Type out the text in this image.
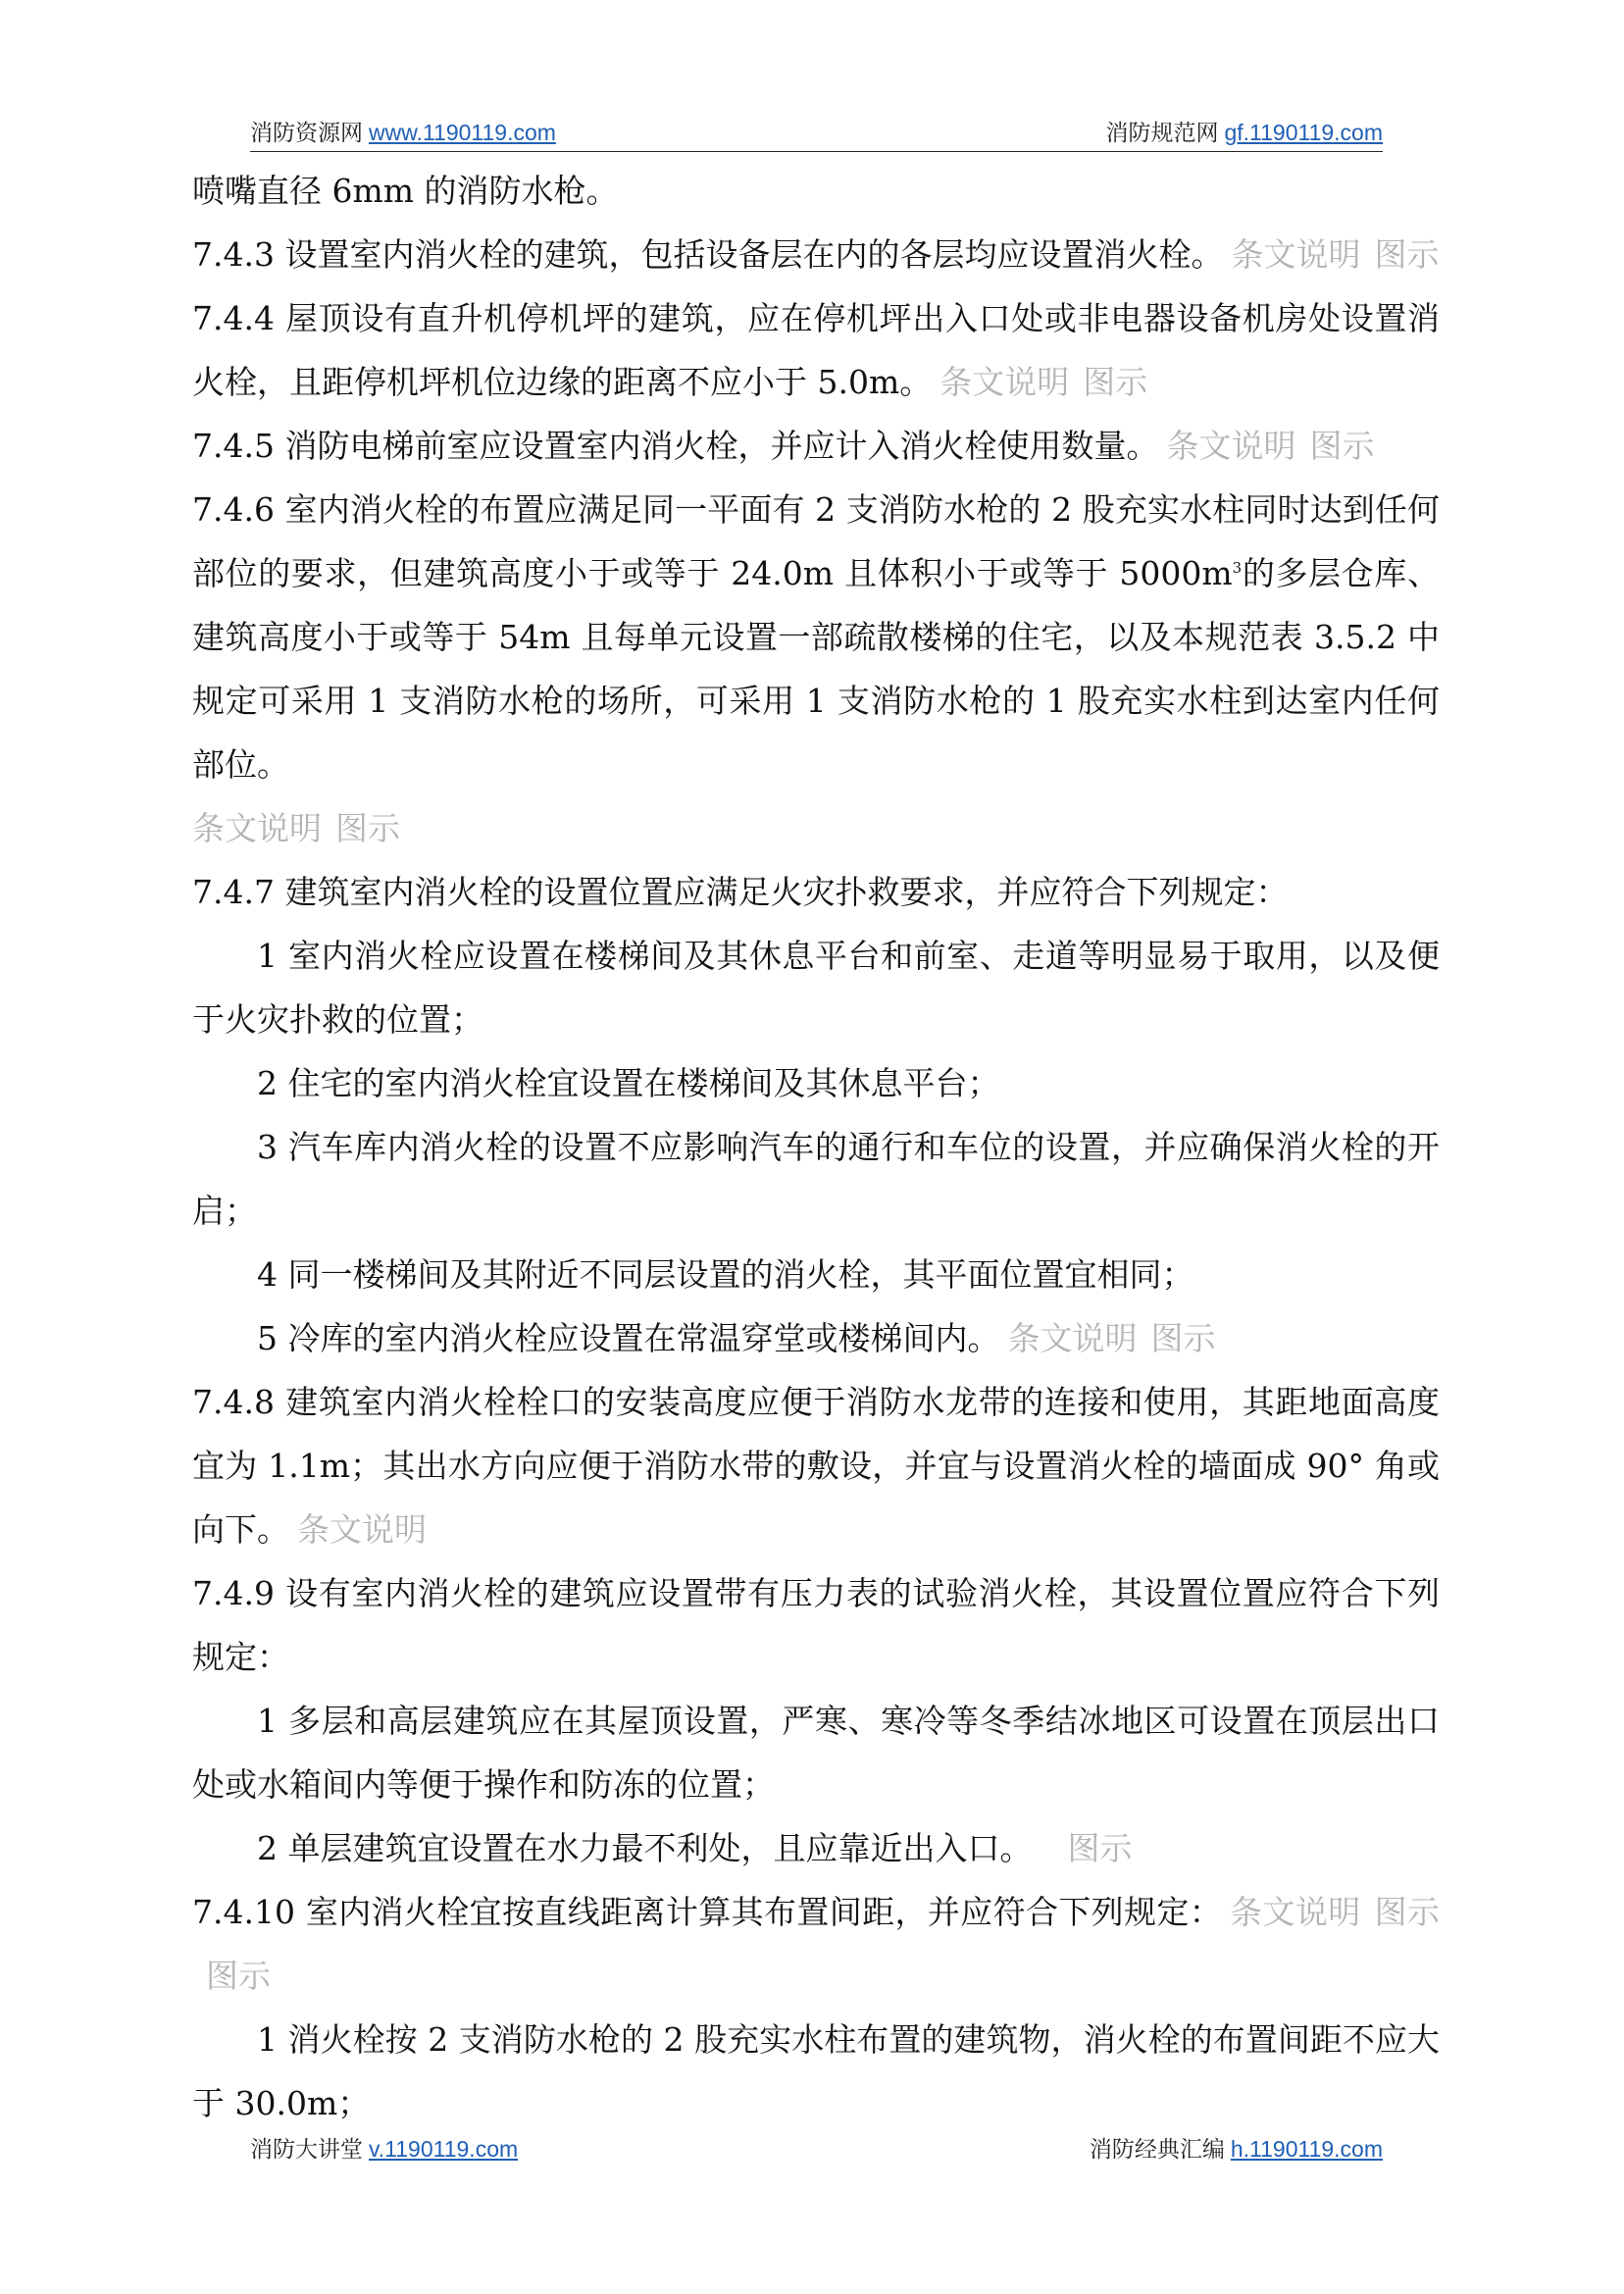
消防资源网 www.1190119.com	消防规范网 gf.1190119.com

喷嘴直径 6mm 的消防水枪。

7.4.3 设置室内消火栓的建筑，包括设备层在内的各层均应设置消火栓。 条文说明 图示

7.4.4 屋顶设有直升机停机坪的建筑，应在停机坪出入口处或非电器设备机房处设置消火栓，且距停机坪机位边缘的距离不应小于 5.0m。 条文说明 图示

7.4.5 消防电梯前室应设置室内消火栓，并应计入消火栓使用数量。 条文说明 图示

7.4.6 室内消火栓的布置应满足同一平面有 2 支消防水枪的 2 股充实水柱同时达到任何部位的要求，但建筑高度小于或等于 24.0m 且体积小于或等于 $5000m^3$的多层仓库、建筑高度小于或等于 54m 且每单元设置一部疏散楼梯的住宅，以及本规范表 3.5.2 中规定可采用 1 支消防水枪的场所，可采用 1 支消防水枪的 1 股充实水柱到达室内任何部位。
条文说明 图示

7.4.7 建筑室内消火栓的设置位置应满足火灾扑救要求，并应符合下列规定：

1 室内消火栓应设置在楼梯间及其休息平台和前室、走道等明显易于取用，以及便于火灾扑救的位置；

2 住宅的室内消火栓宜设置在楼梯间及其休息平台；

3 汽车库内消火栓的设置不应影响汽车的通行和车位的设置，并应确保消火栓的开启；

4 同一楼梯间及其附近不同层设置的消火栓，其平面位置宜相同；

5 冷库的室内消火栓应设置在常温穿堂或楼梯间内。 条文说明 图示

7.4.8 建筑室内消火栓栓口的安装高度应便于消防水龙带的连接和使用，其距地面高度宜为 1.1m；其出水方向应便于消防水带的敷设，并宜与设置消火栓的墙面成 90° 角或向下。 条文说明

7.4.9 设有室内消火栓的建筑应设置带有压力表的试验消火栓，其设置位置应符合下列规定：

1 多层和高层建筑应在其屋顶设置，严寒、寒冷等冬季结冰地区可设置在顶层出口处或水箱间内等便于操作和防冻的位置；

2 单层建筑宜设置在水力最不利处，且应靠近出入口。 图示

7.4.10 室内消火栓宜按直线距离计算其布置间距，并应符合下列规定： 条文说明 图示图示

1 消火栓按 2 支消防水枪的 2 股充实水柱布置的建筑物，消火栓的布置间距不应大于 30.0m；

消防大讲堂 v.1190119.com	消防经典汇编 h.1190119.com
